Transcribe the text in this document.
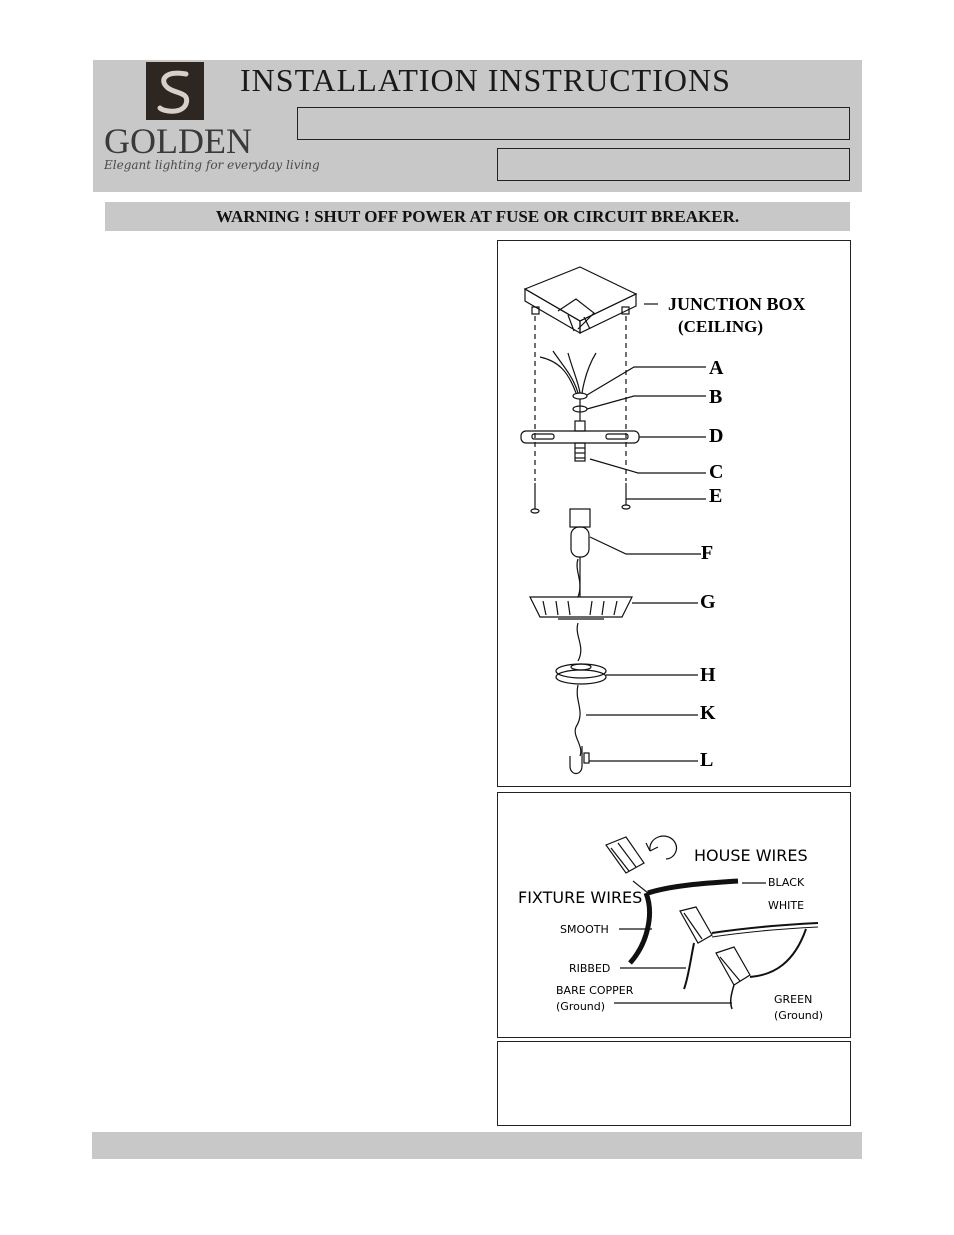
GOLDEN
Elegant lighting for everyday living
INSTALLATION INSTRUCTIONS
WARNING ! SHUT OFF POWER AT FUSE OR CIRCUIT BREAKER.
JUNCTION BOX
(CEILING)
A
B
D
C
E
F
G
H
K
L
HOUSE WIRES
FIXTURE WIRES
BLACK
WHITE
SMOOTH
RIBBED
BARE COPPER
(Ground)
GREEN
(Ground)
